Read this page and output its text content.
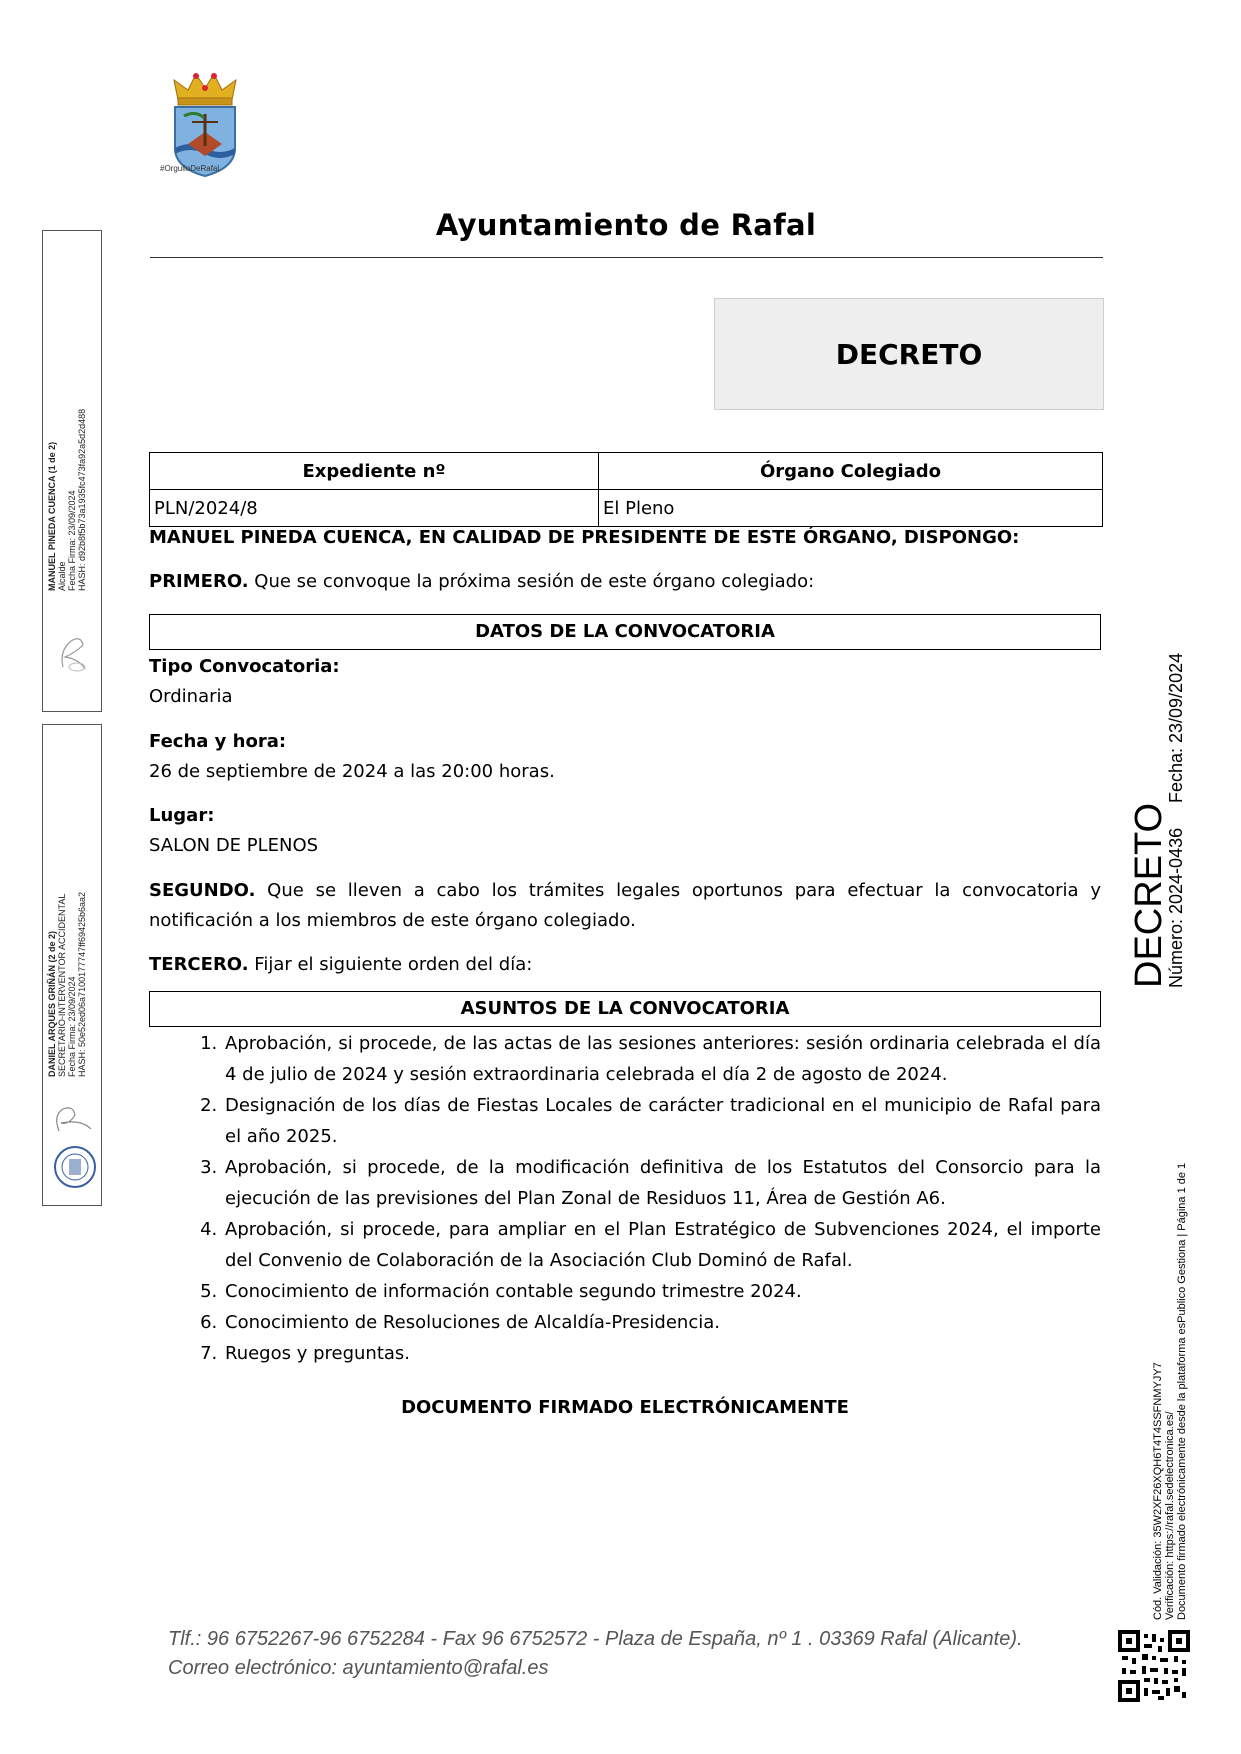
#OrgulloDeRafal
Ayuntamiento de Rafal
DECRETO
Expediente nº	Órgano Colegiado
PLN/2024/8	El Pleno
MANUEL PINEDA CUENCA, EN CALIDAD DE PRESIDENTE DE ESTE ÓRGANO, DISPONGO:
PRIMERO. Que se convoque la próxima sesión de este órgano colegiado:
DATOS DE LA CONVOCATORIA
Tipo Convocatoria:
Ordinaria
Fecha y hora:
26 de septiembre de 2024 a las 20:00 horas.
Lugar:
SALON DE PLENOS
SEGUNDO. Que se lleven a cabo los trámites legales oportunos para efectuar la convocatoria y notificación a los miembros de este órgano colegiado.
TERCERO. Fijar el siguiente orden del día:
ASUNTOS DE LA CONVOCATORIA
1. Aprobación, si procede, de las actas de las sesiones anteriores: sesión ordinaria celebrada el día 4 de julio de 2024 y sesión extraordinaria celebrada el día 2 de agosto de 2024.
2. Designación de los días de Fiestas Locales de carácter tradicional en el municipio de Rafal para el año 2025.
3. Aprobación, si procede, de la modificación definitiva de los Estatutos del Consorcio para la ejecución de las previsiones del Plan Zonal de Residuos 11, Área de Gestión A6.
4. Aprobación, si procede, para ampliar en el Plan Estratégico de Subvenciones 2024, el importe del Convenio de Colaboración de la Asociación Club Dominó de Rafal.
5. Conocimiento de información contable segundo trimestre 2024.
6. Conocimiento de Resoluciones de Alcaldía-Presidencia.
7. Ruegos y preguntas.
DOCUMENTO FIRMADO ELECTRÓNICAMENTE
Tlf.: 96 6752267-96 6752284 - Fax 96 6752572 - Plaza de España, nº 1 . 03369 Rafal (Alicante).
Correo electrónico: ayuntamiento@rafal.es
MANUEL PINEDA CUENCA (1 de 2) Alcalde Fecha Firma: 23/09/2024 HASH: d92b8f5b73a1935fc473fa92a5d2d488
DANIEL ARQUES GRIÑÁN (2 de 2) SECRETARIO-INTERVENTOR ACCIDENTAL Fecha Firma: 23/09/2024 HASH: 50e52ed06a7100177747ff69425b6aa2	DECRETO
Número: 2024-0436
Fecha: 23/09/2024
Cód. Validación: 35W2XF26XQH6T4T4SSFNMYJY7 Verificación: https://rafal.sedelectronica.es/ Documento firmado electrónicamente desde la plataforma esPublico Gestiona | Página 1 de 1
